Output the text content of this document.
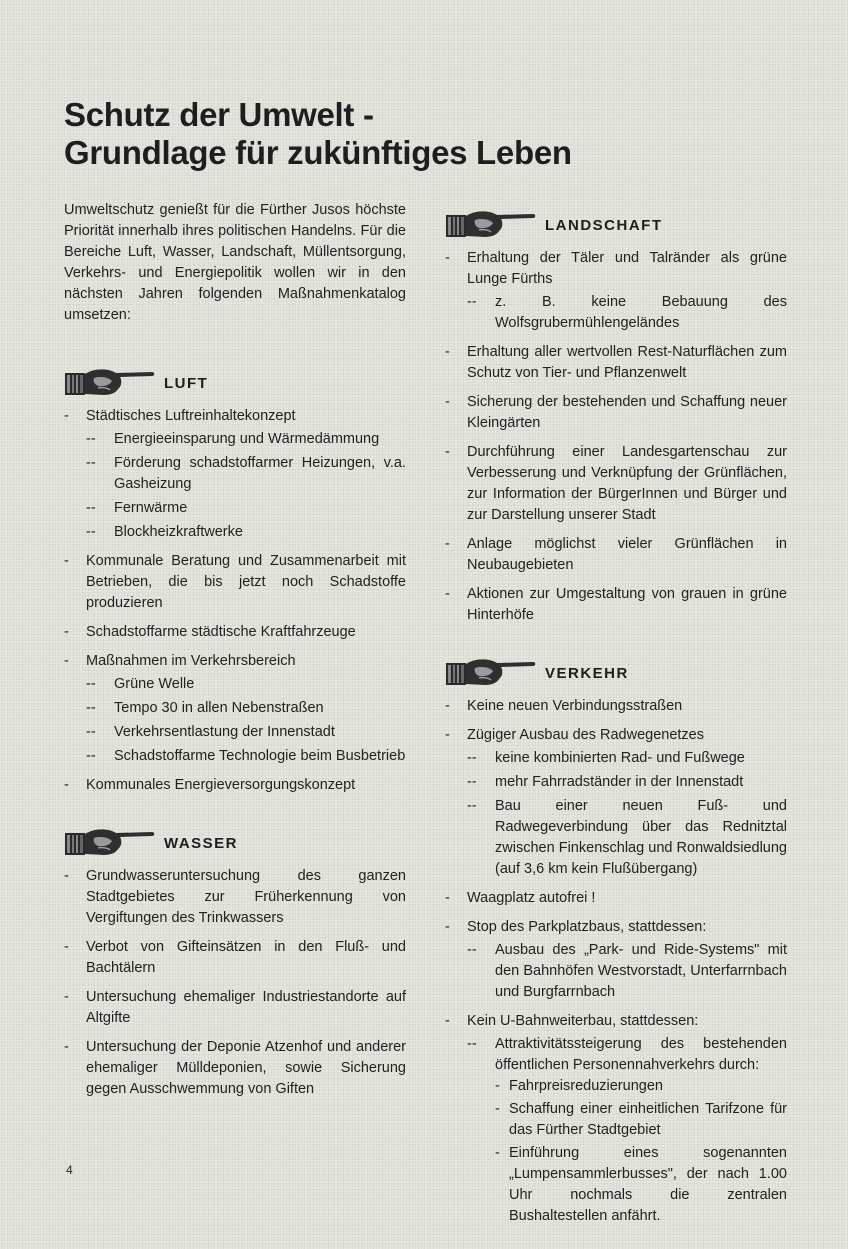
Schutz der Umwelt -
Grundlage für zukünftiges Leben

Umweltschutz genießt für die Fürther Jusos höchste Priorität innerhalb ihres politischen Handelns. Für die Bereiche Luft, Wasser, Landschaft, Müllentsorgung, Verkehrs- und Energiepolitik wollen wir in den nächsten Jahren folgenden Maßnahmenkatalog umsetzen:

LUFT
- Städtisches Luftreinhaltekonzept
-- Energieeinsparung und Wärmedämmung
-- Förderung schadstoffarmer Heizungen, v.a. Gasheizung
-- Fernwärme
-- Blockheizkraftwerke
- Kommunale Beratung und Zusammenarbeit mit Betrieben, die bis jetzt noch Schadstoffe produzieren
- Schadstoffarme städtische Kraftfahrzeuge
- Maßnahmen im Verkehrsbereich
-- Grüne Welle
-- Tempo 30 in allen Nebenstraßen
-- Verkehrsentlastung der Innenstadt
-- Schadstoffarme Technologie beim Busbetrieb
- Kommunales Energieversorgungskonzept
WASSER
- Grundwasseruntersuchung des ganzen Stadtgebietes zur Früherkennung von Vergiftungen des Trinkwassers
- Verbot von Gifteinsätzen in den Fluß- und Bachtälern
- Untersuchung ehemaliger Industriestandorte auf Altgifte
- Untersuchung der Deponie Atzenhof und anderer ehemaliger Mülldeponien, sowie Sicherung gegen Ausschwemmung von Giften
LANDSCHAFT
- Erhaltung der Täler und Talränder als grüne Lunge Fürths
-- z. B. keine Bebauung des Wolfsgrubermühlengeländes
- Erhaltung aller wertvollen Rest-Naturflächen zum Schutz von Tier- und Pflanzenwelt
- Sicherung der bestehenden und Schaffung neuer Kleingärten
- Durchführung einer Landesgartenschau zur Verbesserung und Verknüpfung der Grünflächen, zur Information der BürgerInnen und Bürger und zur Darstellung unserer Stadt
- Anlage möglichst vieler Grünflächen in Neubaugebieten
- Aktionen zur Umgestaltung von grauen in grüne Hinterhöfe
VERKEHR
- Keine neuen Verbindungsstraßen
- Zügiger Ausbau des Radwegenetzes
-- keine kombinierten Rad- und Fußwege
-- mehr Fahrradständer in der Innenstadt
-- Bau einer neuen Fuß- und Radwegeverbindung über das Rednitztal zwischen Finkenschlag und Ronwaldsiedlung (auf 3,6 km kein Flußübergang)
- Waagplatz autofrei !
- Stop des Parkplatzbaus, stattdessen:
-- Ausbau des „Park- und Ride-Systems" mit den Bahnhöfen Westvorstadt, Unterfarrnbach und Burgfarrnbach
- Kein U-Bahnweiterbau, stattdessen:
-- Attraktivitätssteigerung des bestehenden öffentlichen Personennahverkehrs durch:
- Fahrpreisreduzierungen
- Schaffung einer einheitlichen Tarifzone für das Fürther Stadtgebiet
- Einführung eines sogenannten „Lumpensammlerbusses", der nach 1.00 Uhr nochmals die zentralen Bushaltestellen anfährt.
4
